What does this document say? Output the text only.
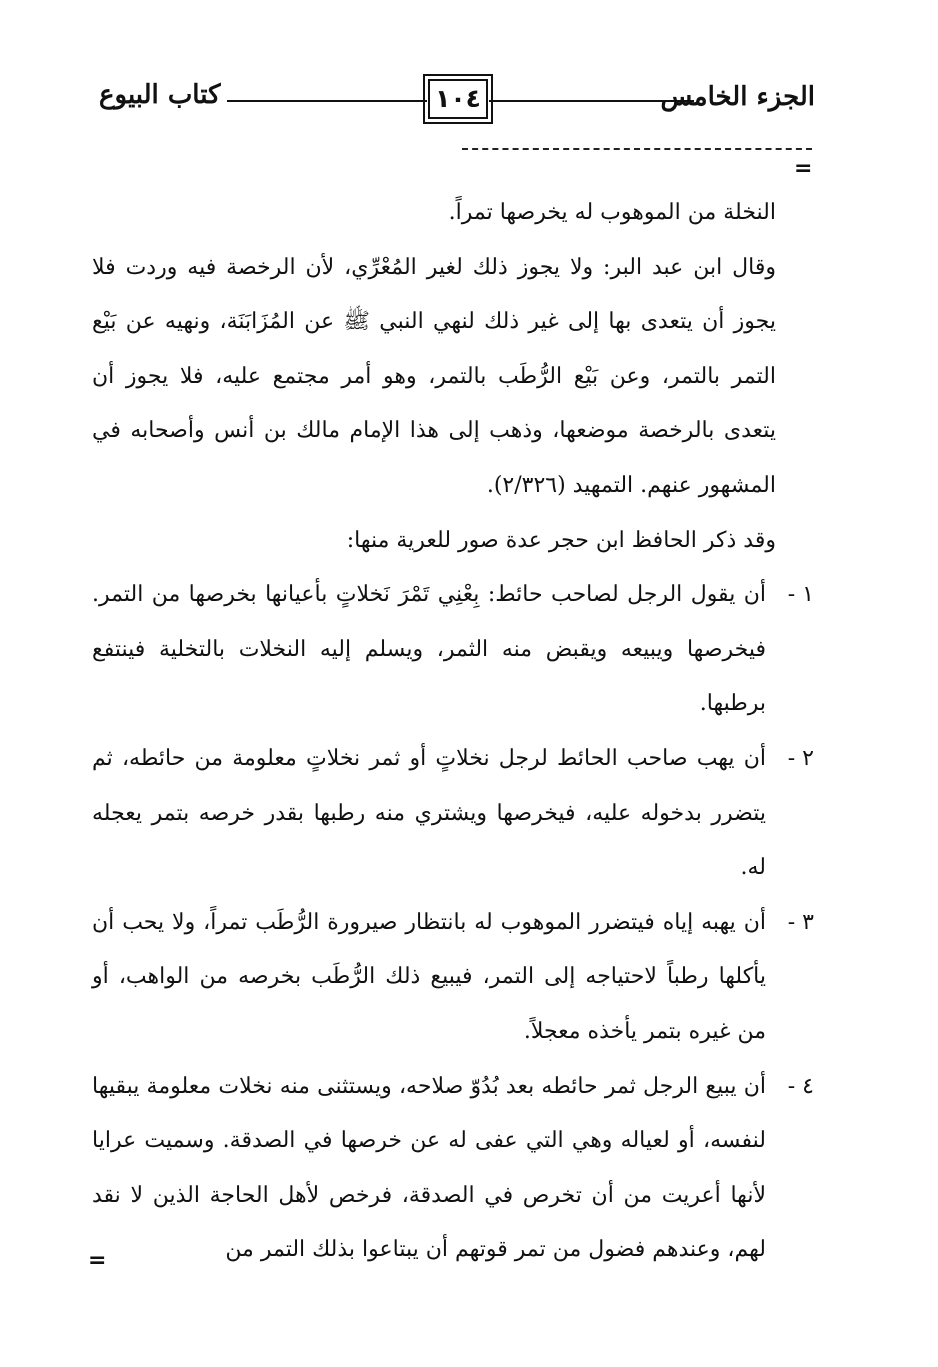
كتاب البيوع	١٠٤	الجزء الخامس
=

النخلة من الموهوب له يخرصها تمراً.

وقال ابن عبد البر: ولا يجوز ذلك لغير المُعْرِّي، لأن الرخصة فيه وردت فلا يجوز أن يتعدى بها إلى غير ذلك لنهي النبي ﷺ عن المُزَابَنَة، ونهيه عن بَيْع التمر بالتمر، وعن بَيْع الرُّطَب بالتمر، وهو أمر مجتمع عليه، فلا يجوز أن يتعدى بالرخصة موضعها، وذهب إلى هذا الإمام مالك بن أنس وأصحابه في المشهور عنهم. التمهيد (٢/٣٢٦).

وقد ذكر الحافظ ابن حجر عدة صور للعرية منها:

١ -
أن يقول الرجل لصاحب حائط: بِعْنِي تَمْرَ نَخلاتٍ بأعيانها بخرصها من التمر. فيخرصها ويبيعه ويقبض منه الثمر، ويسلم إليه النخلات بالتخلية فينتفع برطبها.
٢ -
أن يهب صاحب الحائط لرجل نخلاتٍ أو ثمر نخلاتٍ معلومة من حائطه، ثم يتضرر بدخوله عليه، فيخرصها ويشتري منه رطبها بقدر خرصه بتمر يعجله له.
٣ -
أن يهبه إياه فيتضرر الموهوب له بانتظار صيرورة الرُّطَب تمراً، ولا يحب أن يأكلها رطباً لاحتياجه إلى التمر، فيبيع ذلك الرُّطَب بخرصه من الواهب، أو من غيره بتمر يأخذه معجلاً.
٤ -
أن يبيع الرجل ثمر حائطه بعد بُدُوّ صلاحه، ويستثنى منه نخلات معلومة يبقيها لنفسه، أو لعياله وهي التي عفى له عن خرصها في الصدقة. وسميت عرايا لأنها أعريت من أن تخرص في الصدقة، فرخص لأهل الحاجة الذين لا نقد لهم، وعندهم فضول من تمر قوتهم أن يبتاعوا بذلك التمر من
=
